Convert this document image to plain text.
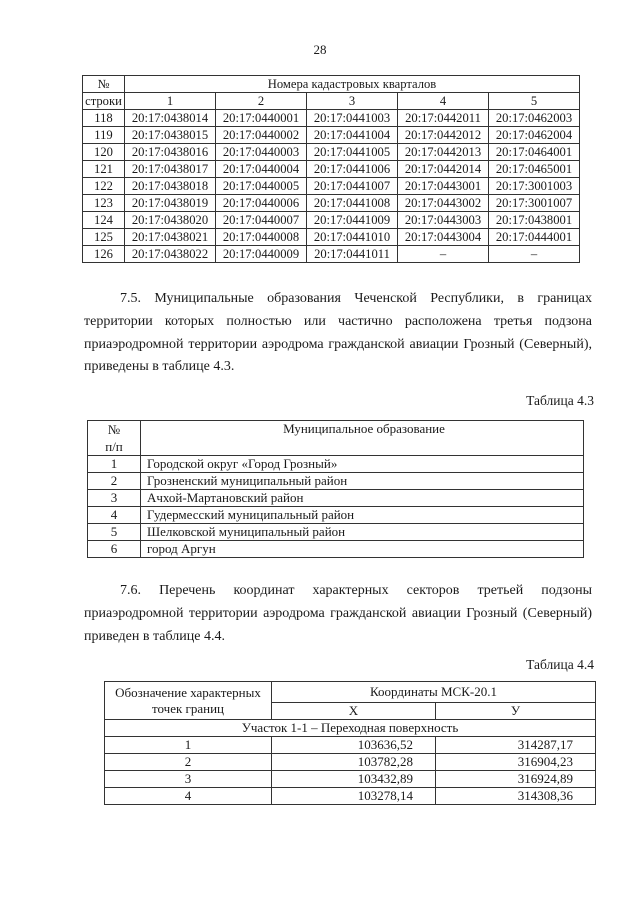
28
№	Номера кадастровых кварталов				
строки	1	2	3	4	5
118	20:17:0438014	20:17:0440001	20:17:0441003	20:17:0442011	20:17:0462003
119	20:17:0438015	20:17:0440002	20:17:0441004	20:17:0442012	20:17:0462004
120	20:17:0438016	20:17:0440003	20:17:0441005	20:17:0442013	20:17:0464001
121	20:17:0438017	20:17:0440004	20:17:0441006	20:17:0442014	20:17:0465001
122	20:17:0438018	20:17:0440005	20:17:0441007	20:17:0443001	20:17:3001003
123	20:17:0438019	20:17:0440006	20:17:0441008	20:17:0443002	20:17:3001007
124	20:17:0438020	20:17:0440007	20:17:0441009	20:17:0443003	20:17:0438001
125	20:17:0438021	20:17:0440008	20:17:0441010	20:17:0443004	20:17:0444001
126	20:17:0438022	20:17:0440009	20:17:0441011	–	–
7.5. Муниципальные образования Чеченской Республики, в границах территории которых полностью или частично расположена третья подзона приаэродромной территории аэродрома гражданской авиации Грозный (Северный), приведены в таблице 4.3.
Таблица 4.3
№
п/п	Муниципальное образование
1	Городской округ «Город Грозный»
2	Грозненский муниципальный район
3	Ачхой-Мартановский район
4	Гудермесский муниципальный район
5	Шелковской муниципальный район
6	город Аргун
7.6. Перечень координат характерных секторов третьей подзоны приаэродромной территории аэродрома гражданской авиации Грозный (Северный) приведен в таблице 4.4.
Таблица 4.4
Обозначение характерных точек границ	Координаты МСК-20.1	
	Х	У
Участок 1-1 – Переходная поверхность		
1	103636,52	314287,17
2	103782,28	316904,23
3	103432,89	316924,89
4	103278,14	314308,36
